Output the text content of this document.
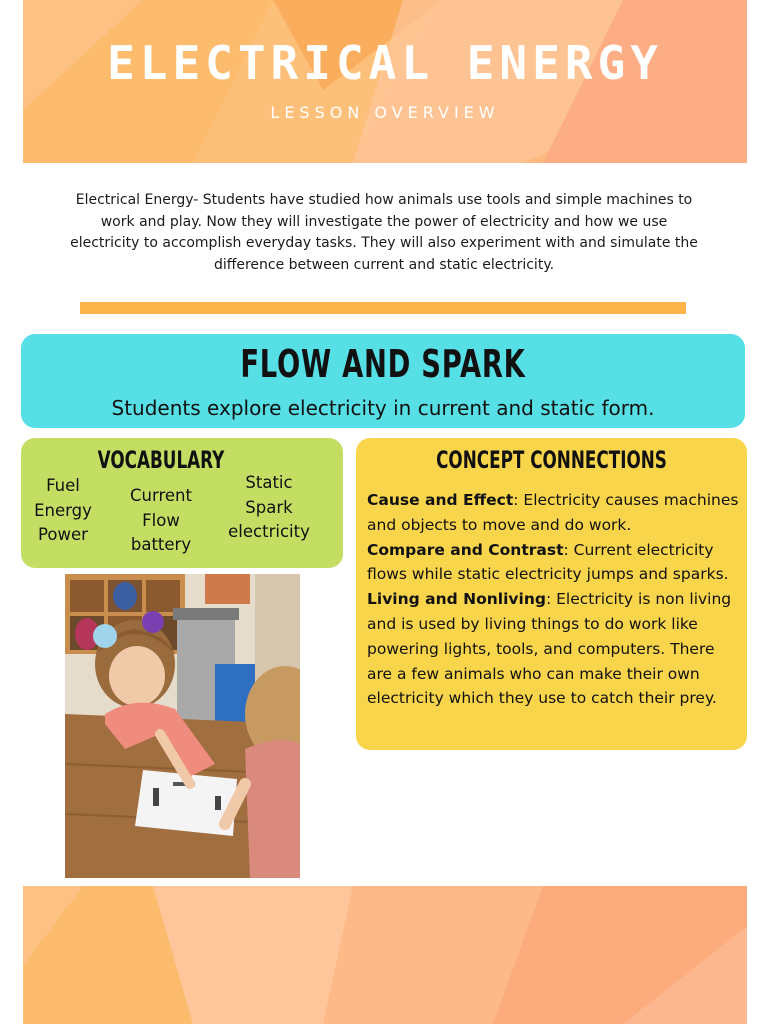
ELECTRICAL ENERGY
LESSON OVERVIEW

Electrical Energy- Students have studied how animals use tools and simple machines to work and play. Now they will investigate the power of electricity and how we use electricity to accomplish everyday tasks. They will also experiment with and simulate the difference between current and static electricity.

FLOW AND SPARK
Students explore electricity in current and static form.
VOCABULARY
Fuel
Energy
Power
Current
Flow
battery
Static
Spark
electricity
CONCEPT CONNECTIONS
Cause and Effect: Electricity causes machines and objects to move and do work.
Compare and Contrast: Current electricity flows while static electricity jumps and sparks.
Living and Nonliving: Electricity is non living and is used by living things to do work like powering lights, tools, and computers. There are a few animals who can make their own electricity which they use to catch their prey.
